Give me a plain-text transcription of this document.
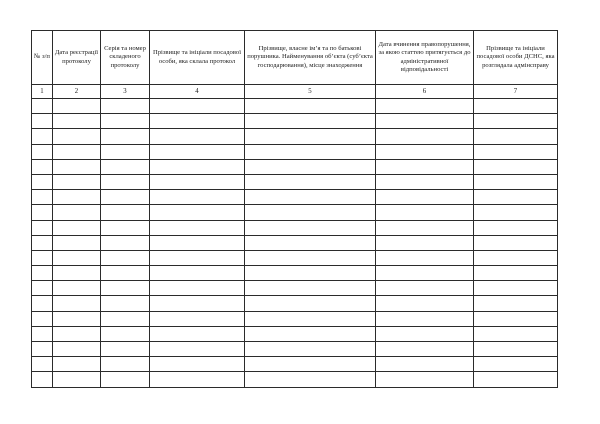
№ з/п	Дата реєстрації протоколу	Серія та номер складеного протоколу	Прізвище та ініціали посадової особи, яка склала протокол	Прізвище, власне ім’я та по батькові порушника. Найменування об’єкта (суб’єкта господарювання), місце знаходження	Дата вчинення правопорушення, за якою статтею притягується до адміністративної відповідальності	Прізвище та ініціали посадової особи ДСНС, яка розглядала адмінсправу
1	2	3	4	5	6	7
